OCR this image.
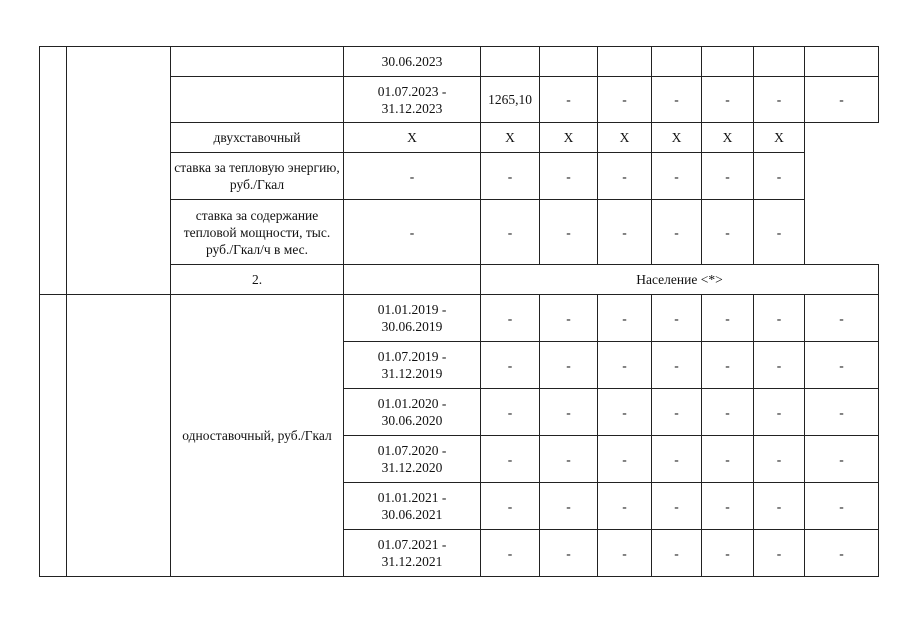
			30.06.2023							
			01.07.2023 - 31.12.2023	1265,10	-	-	-	-	-	-
		двухставочный	X	X	X	X	X	X	X	
		ставка за тепловую энергию, руб./Гкал	-	-	-	-	-	-	-	
		ставка за содержание тепловой мощности, тыс. руб./Гкал/ч в мес.	-	-	-	-	-	-	-	
		2.		Население <*>						
		одноставочный, руб./Гкал	01.01.2019 - 30.06.2019	-	-	-	-	-	-	-
			01.07.2019 - 31.12.2019	-	-	-	-	-	-	-
			01.01.2020 - 30.06.2020	-	-	-	-	-	-	-
			01.07.2020 - 31.12.2020	-	-	-	-	-	-	-
			01.01.2021 - 30.06.2021	-	-	-	-	-	-	-
			01.07.2021 - 31.12.2021	-	-	-	-	-	-	-
